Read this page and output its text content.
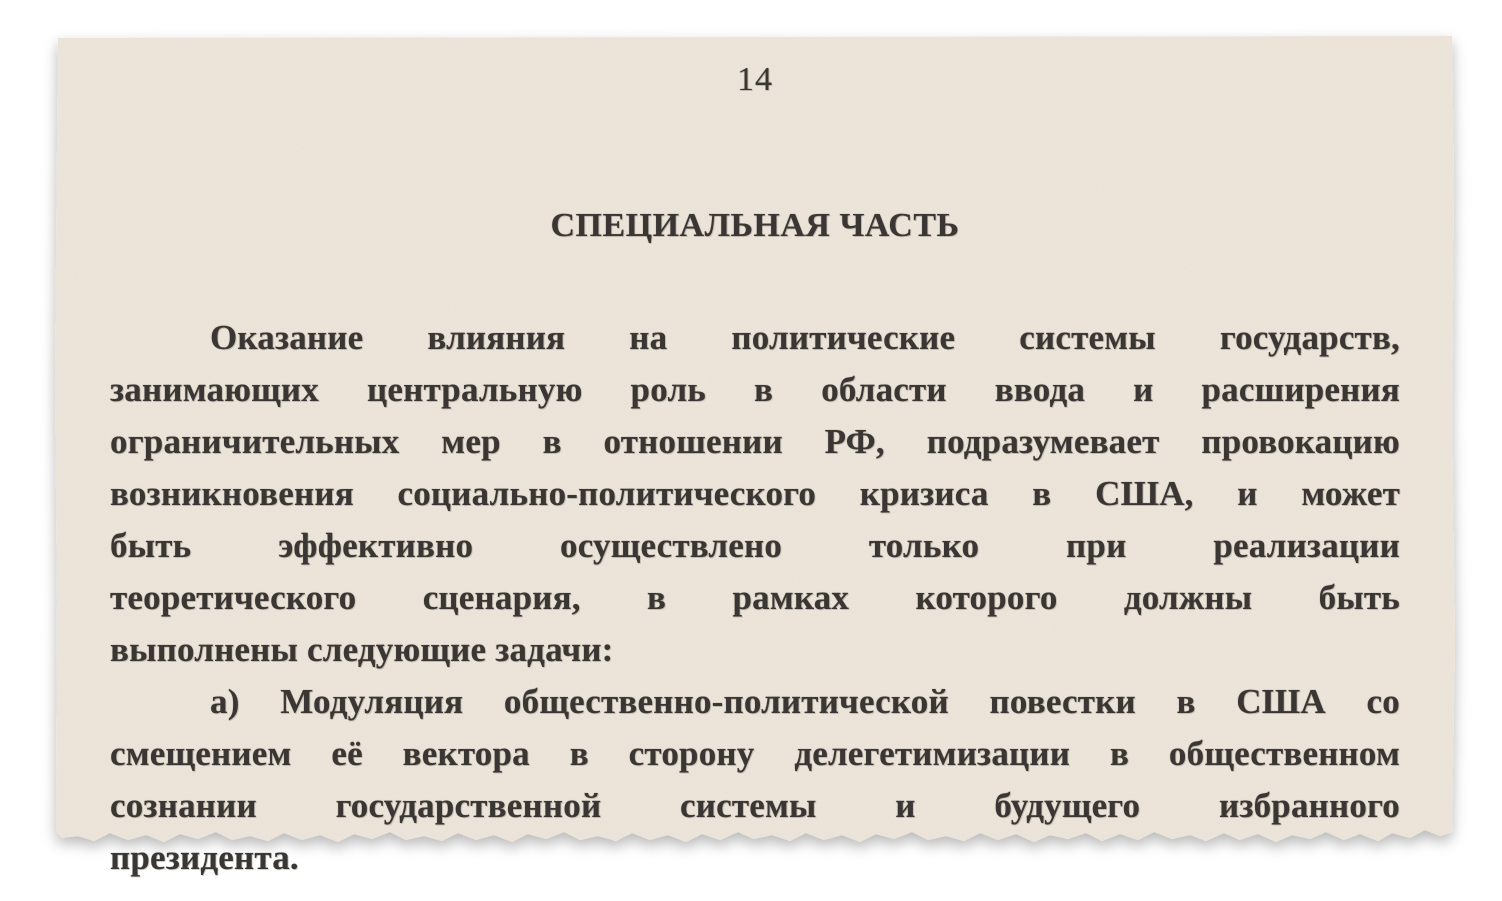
14
СПЕЦИАЛЬНАЯ ЧАСТЬ
Оказание влияния на политические системы государств,
занимающих центральную роль в области ввода и расширения
ограничительных мер в отношении РФ, подразумевает провокацию
возникновения социально-политического кризиса в США, и может
быть эффективно осуществлено только при реализации
теоретического сценария, в рамках которого должны быть
выполнены следующие задачи:
а) Модуляция общественно-политической повестки в США со
смещением её вектора в сторону делегетимизации в общественном
сознании государственной системы и будущего избранного
президента.
